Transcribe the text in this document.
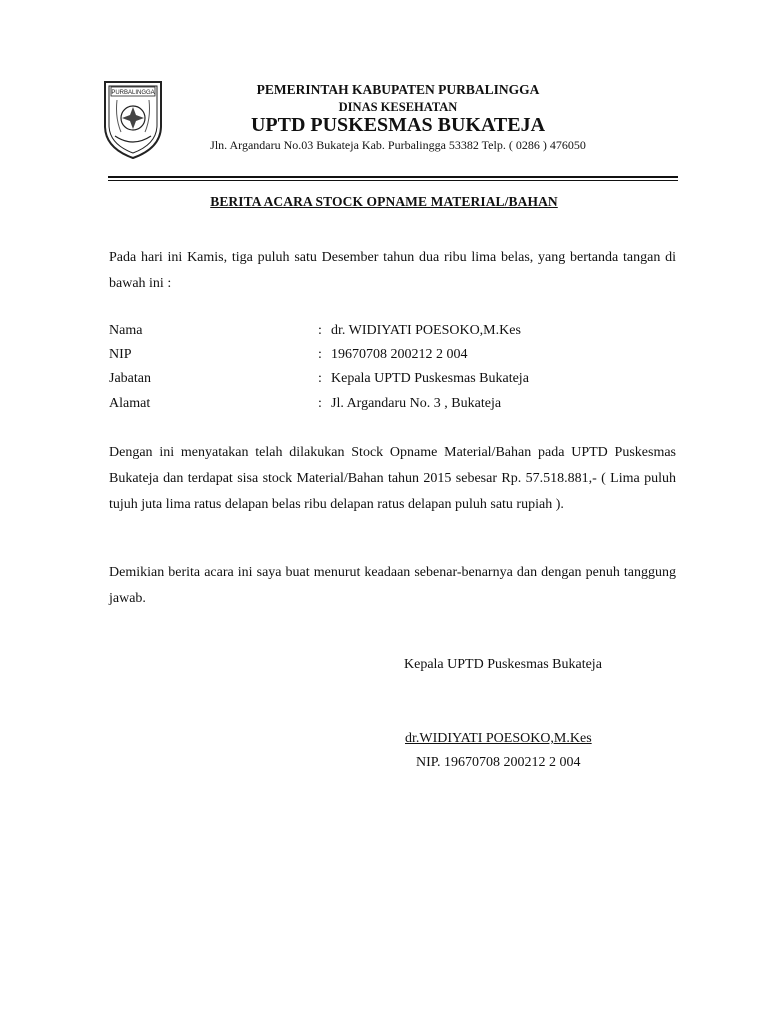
PURBALINGGA	PEMERINTAH KABUPATEN PURBALINGGA
DINAS KESEHATAN
UPTD PUSKESMAS BUKATEJA
Jln. Argandaru No.03 Bukateja Kab. Purbalingga 53382 Telp. ( 0286 ) 476050
BERITA ACARA STOCK OPNAME MATERIAL/BAHAN
Pada hari ini Kamis, tiga puluh satu Desember tahun dua ribu lima belas, yang bertanda tangan di bawah ini :
Nama	: dr. WIDIYATI POESOKO,M.Kes
NIP	: 19670708 200212 2 004
Jabatan	: Kepala UPTD Puskesmas Bukateja
Alamat	: Jl. Argandaru No. 3 , Bukateja
Dengan ini menyatakan telah dilakukan Stock Opname Material/Bahan pada UPTD Puskesmas Bukateja dan terdapat sisa stock Material/Bahan tahun 2015 sebesar Rp. 57.518.881,- ( Lima puluh tujuh juta lima ratus delapan belas ribu delapan ratus delapan puluh satu rupiah ).
Demikian berita acara ini saya buat menurut keadaan sebenar-benarnya dan dengan penuh tanggung jawab.
Kepala UPTD Puskesmas Bukateja
dr.WIDIYATI POESOKO,M.Kes
NIP. 19670708 200212 2 004
